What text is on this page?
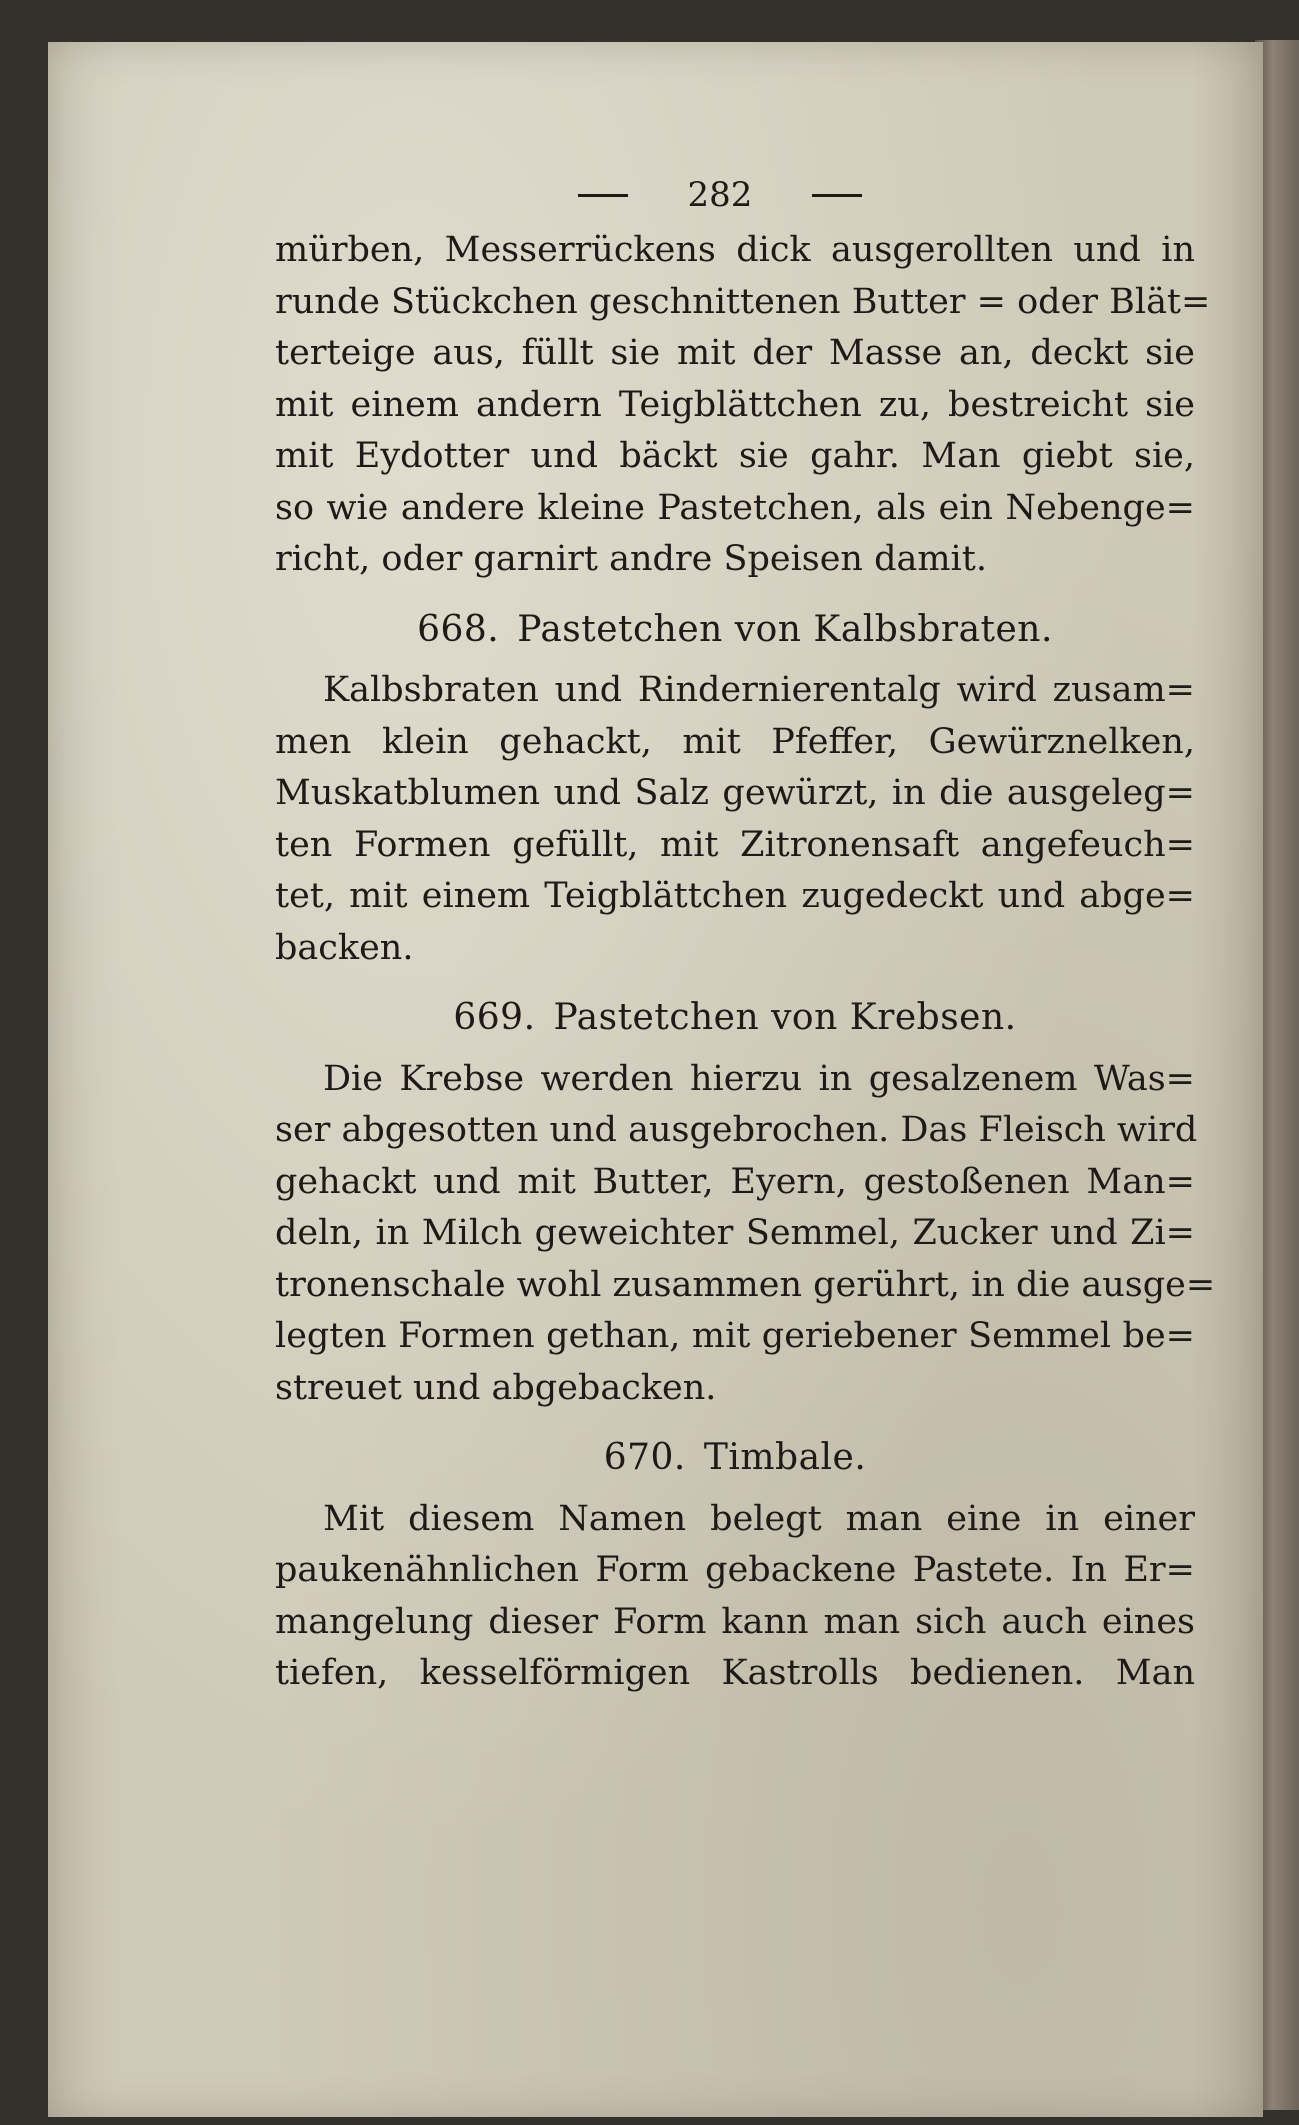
282

mürben, Messerrückens dick ausgerollten und in
runde Stückchen geschnittenen Butter = oder Blät=
terteige aus, füllt sie mit der Masse an, deckt sie
mit einem andern Teigblättchen zu, bestreicht sie
mit Eydotter und bäckt sie gahr. Man giebt sie,
so wie andere kleine Pastetchen, als ein Nebenge=
richt, oder garnirt andre Speisen damit.

668. Pastetchen von Kalbsbraten.

Kalbsbraten und Rindernierentalg wird zusam=
men klein gehackt, mit Pfeffer, Gewürznelken,
Muskatblumen und Salz gewürzt, in die ausgeleg=
ten Formen gefüllt, mit Zitronensaft angefeuch=
tet, mit einem Teigblättchen zugedeckt und abge=
backen.

669. Pastetchen von Krebsen.

Die Krebse werden hierzu in gesalzenem Was=
ser abgesotten und ausgebrochen. Das Fleisch wird
gehackt und mit Butter, Eyern, gestoßenen Man=
deln, in Milch geweichter Semmel, Zucker und Zi=
tronenschale wohl zusammen gerührt, in die ausge=
legten Formen gethan, mit geriebener Semmel be=
streuet und abgebacken.

670. Timbale.

Mit diesem Namen belegt man eine in einer
paukenähnlichen Form gebackene Pastete. In Er=
mangelung dieser Form kann man sich auch eines
tiefen, kesselförmigen Kastrolls bedienen. Man
